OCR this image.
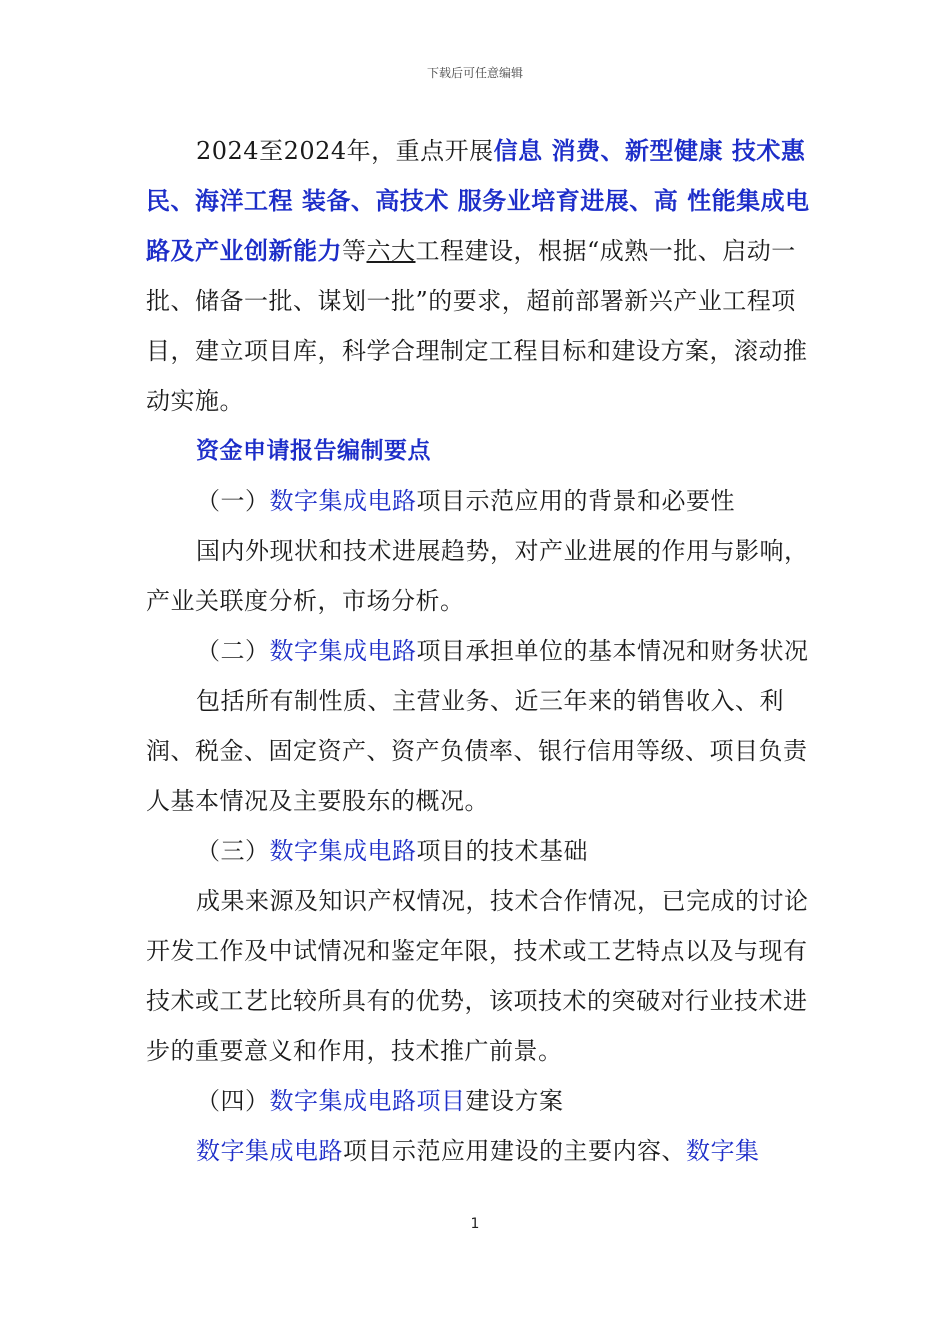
下载后可任意编辑

2024至2024年，重点开展信息 消费、新型健康 技术惠民、海洋工程 装备、高技术 服务业培育进展、高 性能集成电路及产业创新能力等六大工程建设，根据“成熟一批、启动一批、储备一批、谋划一批”的要求，超前部署新兴产业工程项目，建立项目库，科学合理制定工程目标和建设方案，滚动推动实施。

资金申请报告编制要点

（一）数字集成电路项目示范应用的背景和必要性

国内外现状和技术进展趋势，对产业进展的作用与影响，产业关联度分析，市场分析。

（二）数字集成电路项目承担单位的基本情况和财务状况

包括所有制性质、主营业务、近三年来的销售收入、利润、税金、固定资产、资产负债率、银行信用等级、项目负责人基本情况及主要股东的概况。

（三）数字集成电路项目的技术基础

成果来源及知识产权情况，技术合作情况，已完成的讨论开发工作及中试情况和鉴定年限，技术或工艺特点以及与现有技术或工艺比较所具有的优势，该项技术的突破对行业技术进步的重要意义和作用，技术推广前景。

（四）数字集成电路项目建设方案

数字集成电路项目示范应用建设的主要内容、数字集

1
